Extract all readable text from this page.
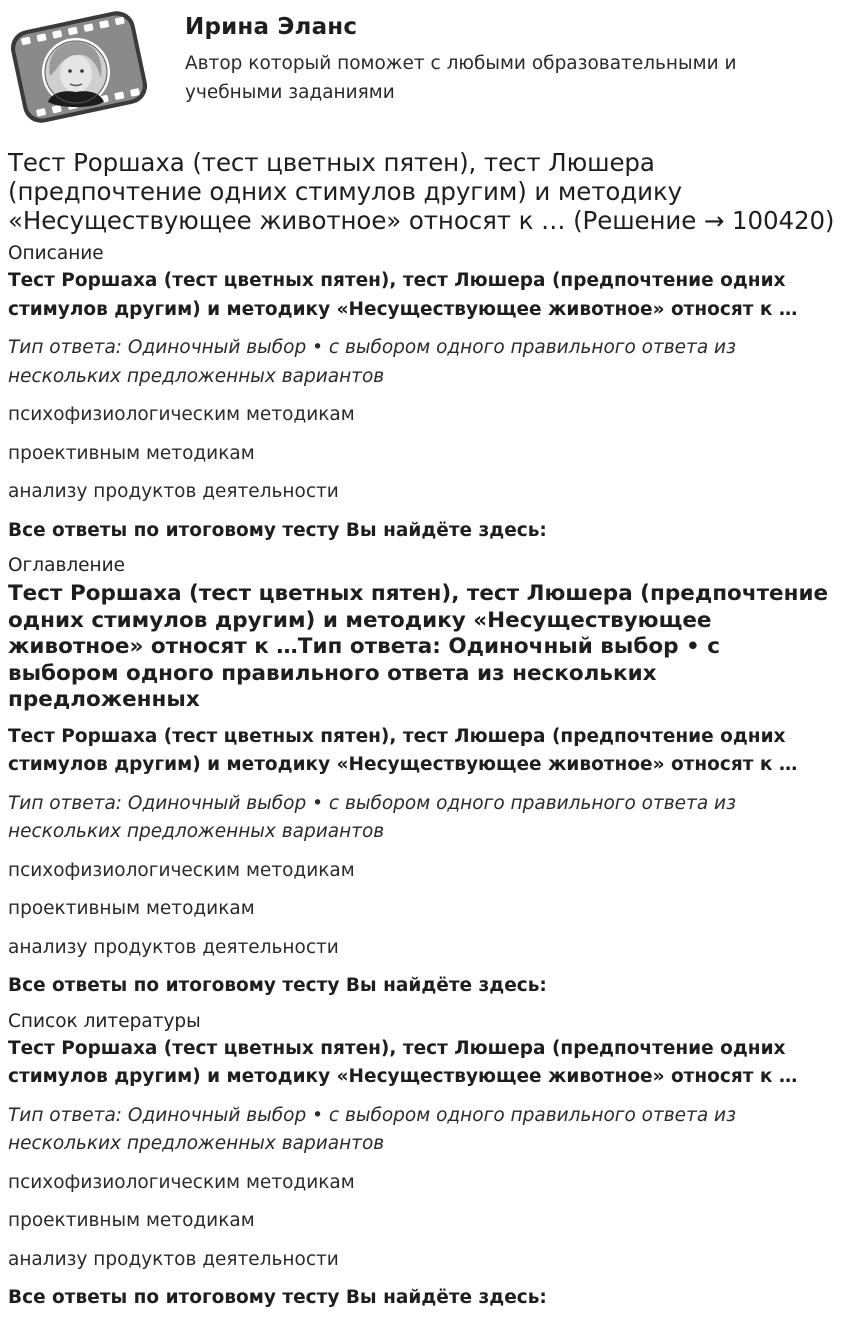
Ирина Эланс
Автор который поможет с любыми образовательными и учебными заданиями
Тест Роршаха (тест цветных пятен), тест Люшера (предпочтение одних стимулов другим) и методику «Несуществующее животное» относят к … (Решение → 100420)
Описание
Тест Роршаха (тест цветных пятен), тест Люшера (предпочтение одних стимулов другим) и методику «Несуществующее животное» относят к …
Тип ответа: Одиночный выбор • с выбором одного правильного ответа из нескольких предложенных вариантов
психофизиологическим методикам
проективным методикам
анализу продуктов деятельности
Все ответы по итоговому тесту Вы найдёте здесь:
Оглавление
Тест Роршаха (тест цветных пятен), тест Люшера (предпочтение одних стимулов другим) и методику «Несуществующее животное» относят к …Тип ответа: Одиночный выбор • с выбором одного правильного ответа из нескольких предложенных
Тест Роршаха (тест цветных пятен), тест Люшера (предпочтение одних стимулов другим) и методику «Несуществующее животное» относят к …
Тип ответа: Одиночный выбор • с выбором одного правильного ответа из нескольких предложенных вариантов
психофизиологическим методикам
проективным методикам
анализу продуктов деятельности
Все ответы по итоговому тесту Вы найдёте здесь:
Список литературы
Тест Роршаха (тест цветных пятен), тест Люшера (предпочтение одних стимулов другим) и методику «Несуществующее животное» относят к …
Тип ответа: Одиночный выбор • с выбором одного правильного ответа из нескольких предложенных вариантов
психофизиологическим методикам
проективным методикам
анализу продуктов деятельности
Все ответы по итоговому тесту Вы найдёте здесь:
